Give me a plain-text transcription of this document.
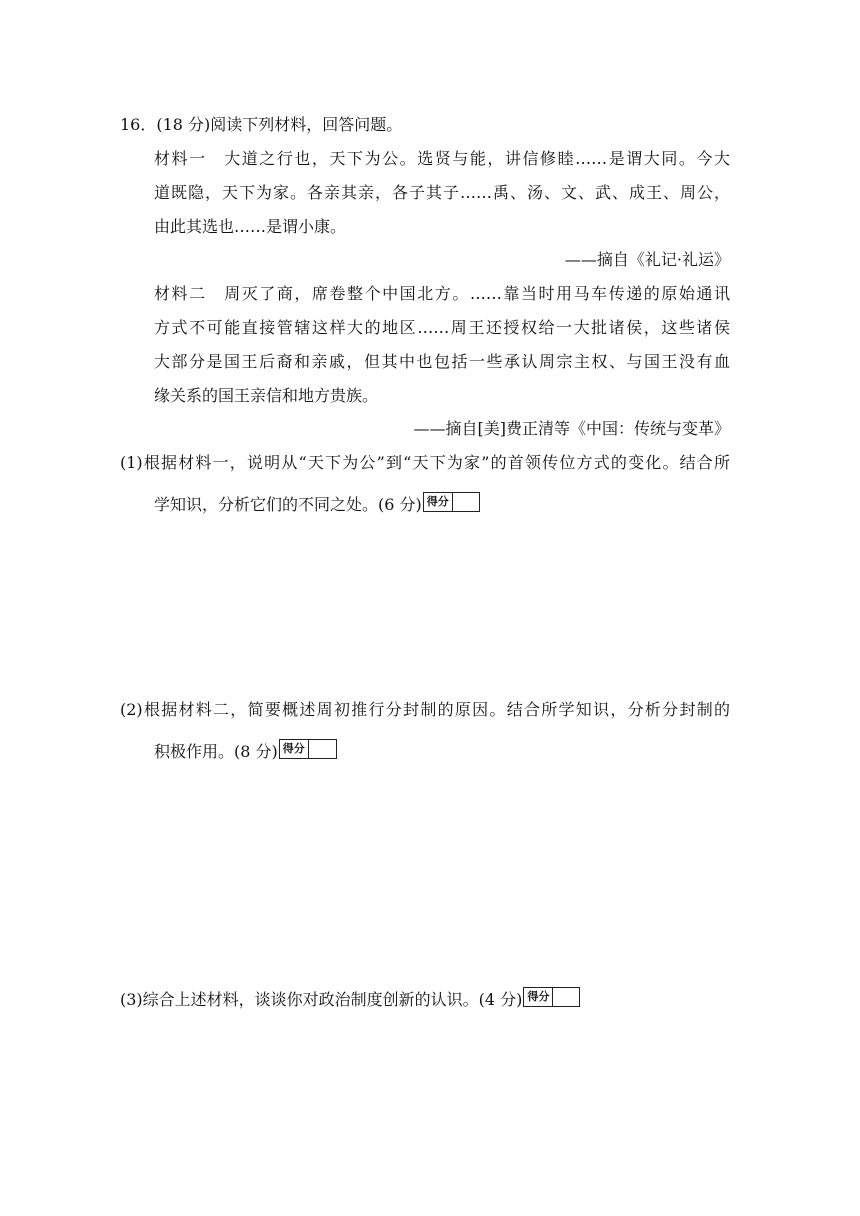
16．(18 分)阅读下列材料，回答问题。
材料一　大道之行也，天下为公。选贤与能，讲信修睦……是谓大同。今大
道既隐，天下为家。各亲其亲，各子其子……禹、汤、文、武、成王、周公，
由此其选也……是谓小康。
——摘自《礼记·礼运》
材料二　周灭了商，席卷整个中国北方。……靠当时用马车传递的原始通讯
方式不可能直接管辖这样大的地区……周王还授权给一大批诸侯，这些诸侯
大部分是国王后裔和亲戚，但其中也包括一些承认周宗主权、与国王没有血
缘关系的国王亲信和地方贵族。
——摘自[美]费正清等《中国：传统与变革》
(1)根据材料一，说明从“天下为公”到“天下为家”的首领传位方式的变化。结合所
学知识，分析它们的不同之处。(6 分) 得分
(2)根据材料二，简要概述周初推行分封制的原因。结合所学知识，分析分封制的
积极作用。(8 分) 得分
(3)综合上述材料，谈谈你对政治制度创新的认识。(4 分) 得分
